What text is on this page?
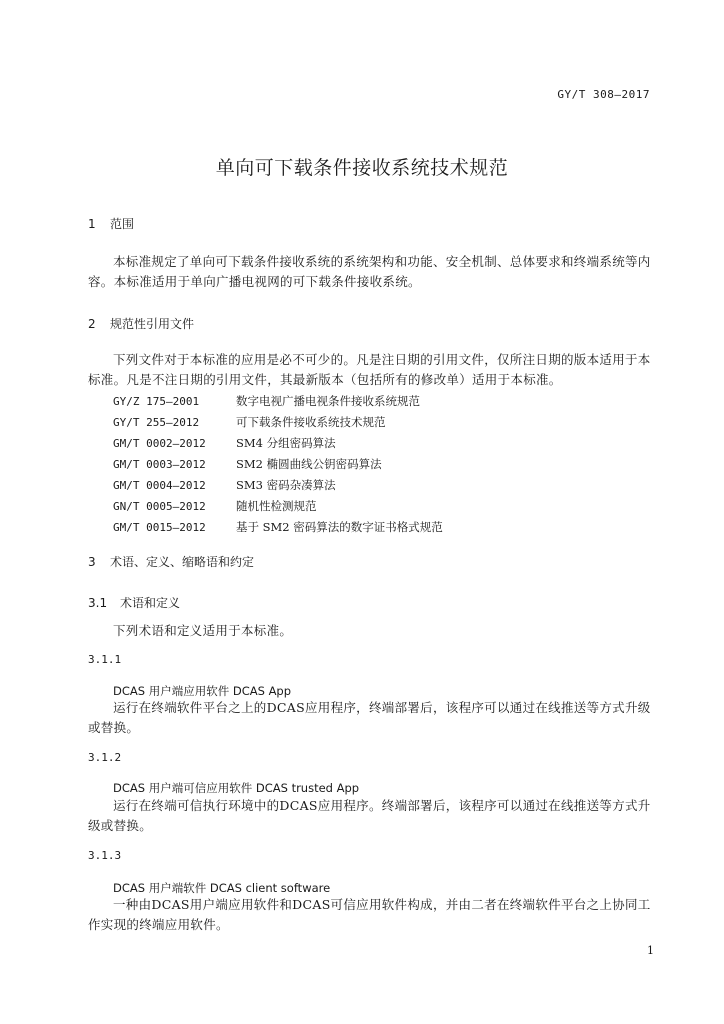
GY/T 308—2017
单向可下载条件接收系统技术规范
1 范围
本标准规定了单向可下载条件接收系统的系统架构和功能、安全机制、总体要求和终端系统等内容。本标准适用于单向广播电视网的可下载条件接收系统。
2 规范性引用文件
下列文件对于本标准的应用是必不可少的。凡是注日期的引用文件，仅所注日期的版本适用于本标准。凡是不注日期的引用文件，其最新版本（包括所有的修改单）适用于本标准。
GY/Z 175—2001	数字电视广播电视条件接收系统规范
GY/T 255—2012	可下载条件接收系统技术规范
GM/T 0002—2012	SM4 分组密码算法
GM/T 0003—2012	SM2 椭圆曲线公钥密码算法
GM/T 0004—2012	SM3 密码杂凑算法
GN/T 0005—2012	随机性检测规范
GM/T 0015—2012	基于 SM2 密码算法的数字证书格式规范
3 术语、定义、缩略语和约定
3.1 术语和定义
下列术语和定义适用于本标准。
3.1.1
DCAS 用户端应用软件 DCAS App
运行在终端软件平台之上的DCAS应用程序，终端部署后，该程序可以通过在线推送等方式升级或替换。
3.1.2
DCAS 用户端可信应用软件 DCAS trusted App
运行在终端可信执行环境中的DCAS应用程序。终端部署后，该程序可以通过在线推送等方式升级或替换。
3.1.3
DCAS 用户端软件 DCAS client software
一种由DCAS用户端应用软件和DCAS可信应用软件构成，并由二者在终端软件平台之上协同工作实现的终端应用软件。
1
